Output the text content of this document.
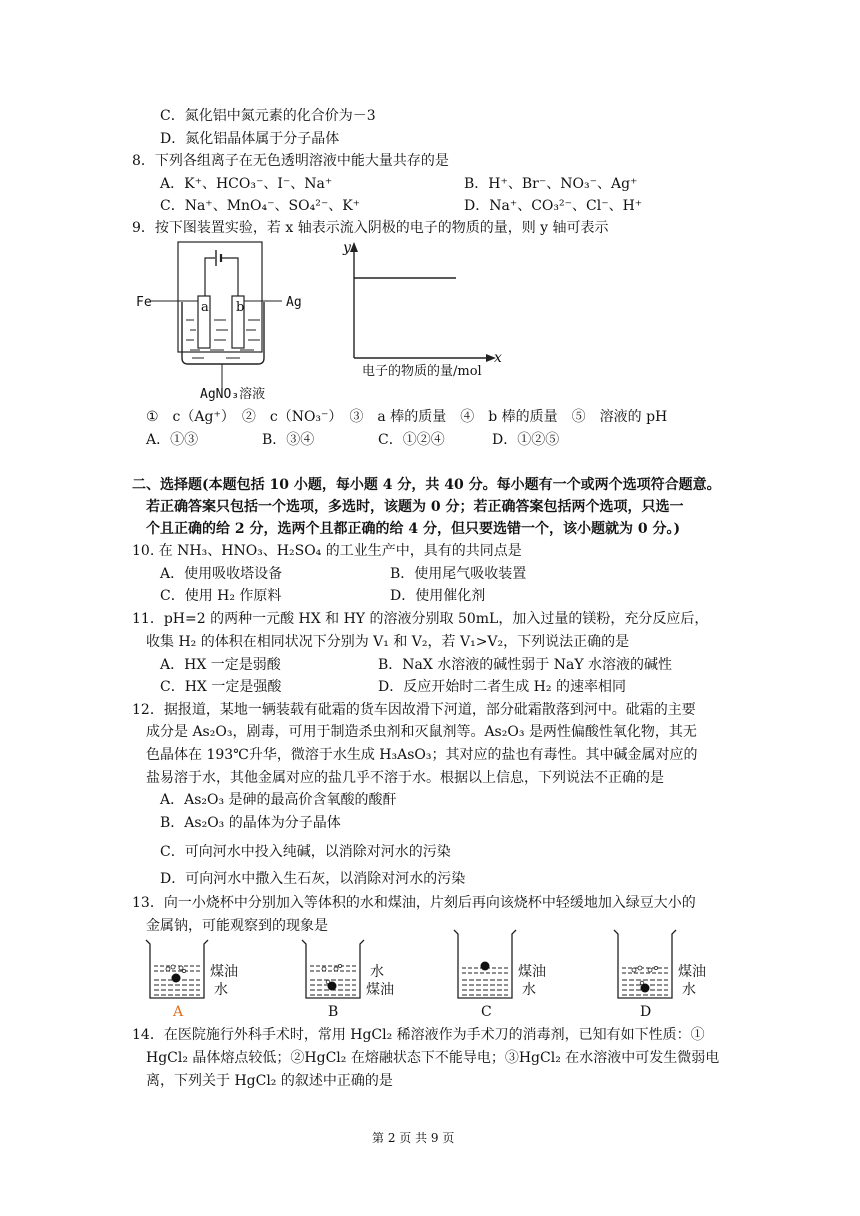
C．氮化铝中氮元素的化合价为－3
D．氮化铝晶体属于分子晶体
8．下列各组离子在无色透明溶液中能大量共存的是
A．K⁺、HCO₃⁻、I⁻、Na⁺	B．H⁺、Br⁻、NO₃⁻、Ag⁺
C．Na⁺、MnO₄⁻、SO₄²⁻、K⁺	D．Na⁺、CO₃²⁻、Cl⁻、H⁺
9．按下图装置实验，若 x 轴表示流入阴极的电子的物质的量，则 y 轴可表示
Fe	Ag
a b
AgNO₃溶液
y
x
电子的物质的量/mol
①　c（Ag⁺）　②　c（NO₃⁻）　③　a 棒的质量　④　b 棒的质量　⑤　溶液的 pH
A．①③	B．③④	C．①②④	D．①②⑤
二、选择题(本题包括 10 小题，每小题 4 分，共 40 分。每小题有一个或两个选项符合题意。
若正确答案只包括一个选项，多选时，该题为 0 分；若正确答案包括两个选项，只选一
个且正确的给 2 分，选两个且都正确的给 4 分，但只要选错一个，该小题就为 0 分。)
10. 在 NH₃、HNO₃、H₂SO₄ 的工业生产中，具有的共同点是
A．使用吸收塔设备	B．使用尾气吸收装置
C．使用 H₂ 作原料	D．使用催化剂
11．pH=2 的两种一元酸 HX 和 HY 的溶液分别取 50mL，加入过量的镁粉，充分反应后，
收集 H₂ 的体积在相同状况下分别为 V₁ 和 V₂，若 V₁>V₂，下列说法正确的是
A．HX 一定是弱酸	B．NaX 水溶液的碱性弱于 NaY 水溶液的碱性
C．HX 一定是强酸	D．反应开始时二者生成 H₂ 的速率相同
12．据报道，某地一辆装载有砒霜的货车因故滑下河道，部分砒霜散落到河中。砒霜的主要
成分是 As₂O₃，剧毒，可用于制造杀虫剂和灭鼠剂等。As₂O₃ 是两性偏酸性氧化物，其无
色晶体在 193℃升华，微溶于水生成 H₃AsO₃；其对应的盐也有毒性。其中碱金属对应的
盐易溶于水，其他金属对应的盐几乎不溶于水。根据以上信息，下列说法不正确的是
A．As₂O₃ 是砷的最高价含氧酸的酸酐
B．As₂O₃ 的晶体为分子晶体
C．可向河水中投入纯碱，以消除对河水的污染
D．可向河水中撒入生石灰，以消除对河水的污染
13．向一小烧杯中分别加入等体积的水和煤油，片刻后再向该烧杯中轻缓地加入绿豆大小的
金属钠，可能观察到的现象是
煤油
水
A
水
煤油
B
煤油
水
C
煤油
水
D
14．在医院施行外科手术时，常用 HgCl₂ 稀溶液作为手术刀的消毒剂，已知有如下性质：①
HgCl₂ 晶体熔点较低；②HgCl₂ 在熔融状态下不能导电；③HgCl₂ 在水溶液中可发生微弱电
离，下列关于 HgCl₂ 的叙述中正确的是
第 2 页 共 9 页
